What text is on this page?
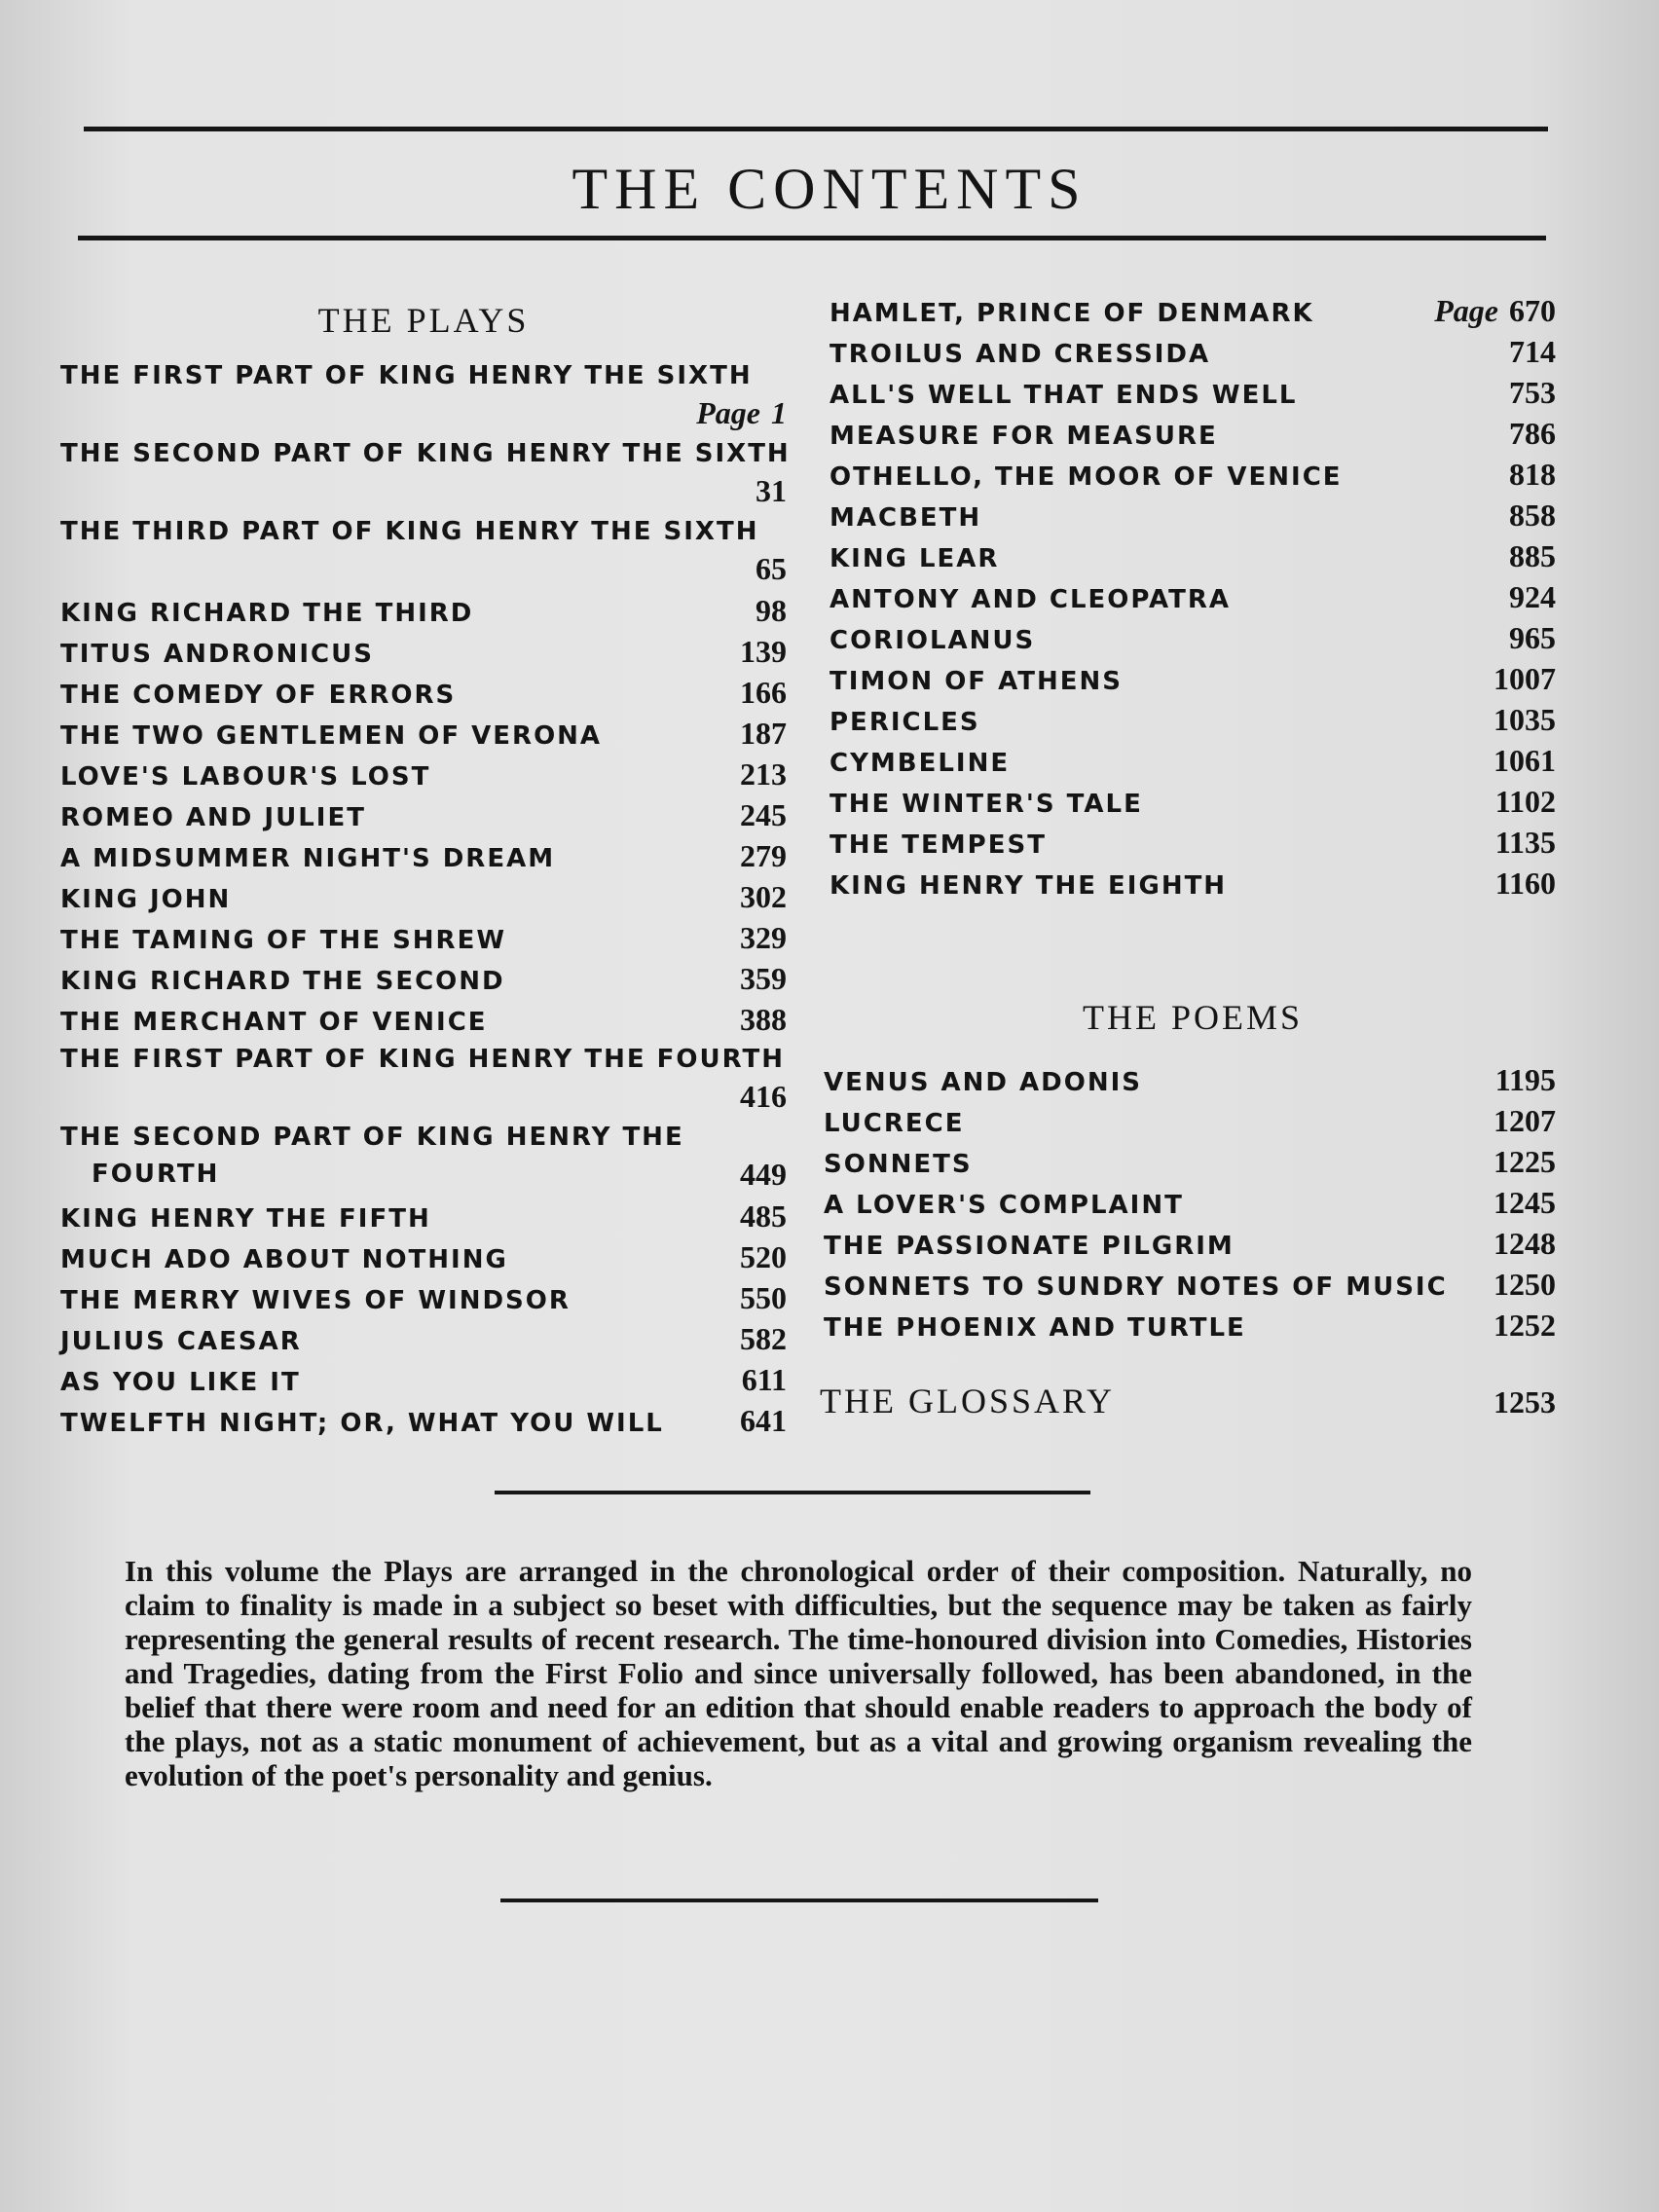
THE CONTENTS
THE PLAYS
THE FIRST PART OF KING HENRY THE SIXTH
Page 1
THE SECOND PART OF KING HENRY THE SIXTH
31
THE THIRD PART OF KING HENRY THE SIXTH
65
KING RICHARD THE THIRD	98
TITUS ANDRONICUS	139
THE COMEDY OF ERRORS	166
THE TWO GENTLEMEN OF VERONA	187
LOVE'S LABOUR'S LOST	213
ROMEO AND JULIET	245
A MIDSUMMER NIGHT'S DREAM	279
KING JOHN	302
THE TAMING OF THE SHREW	329
KING RICHARD THE SECOND	359
THE MERCHANT OF VENICE	388
THE FIRST PART OF KING HENRY THE FOURTH
416
THE SECOND PART OF KING HENRY THE
FOURTH	449
KING HENRY THE FIFTH	485
MUCH ADO ABOUT NOTHING	520
THE MERRY WIVES OF WINDSOR	550
JULIUS CAESAR	582
AS YOU LIKE IT	611
TWELFTH NIGHT; OR, WHAT YOU WILL 641
HAMLET, PRINCE OF DENMARK	Page 670
TROILUS AND CRESSIDA	714
ALL'S WELL THAT ENDS WELL	753
MEASURE FOR MEASURE	786
OTHELLO, THE MOOR OF VENICE	818
MACBETH	858
KING LEAR	885
ANTONY AND CLEOPATRA	924
CORIOLANUS	965
TIMON OF ATHENS	1007
PERICLES	1035
CYMBELINE	1061
THE WINTER'S TALE	1102
THE TEMPEST	1135
KING HENRY THE EIGHTH	1160
THE POEMS
VENUS AND ADONIS	1195
LUCRECE	1207
SONNETS	1225
A LOVER'S COMPLAINT	1245
THE PASSIONATE PILGRIM	1248
SONNETS TO SUNDRY NOTES OF MUSIC 1250
THE PHOENIX AND TURTLE	1252
THE GLOSSARY	1253

In this volume the Plays are arranged in the chronological order of their composition. Naturally, no claim to finality is made in a subject so beset with difficulties, but the sequence may be taken as fairly representing the general results of recent research. The time-honoured division into Comedies, Histories and Tragedies, dating from the First Folio and since universally followed, has been abandoned, in the belief that there were room and need for an edition that should enable readers to approach the body of the plays, not as a static monument of achievement, but as a vital and growing organism revealing the evolution of the poet's personality and genius.
